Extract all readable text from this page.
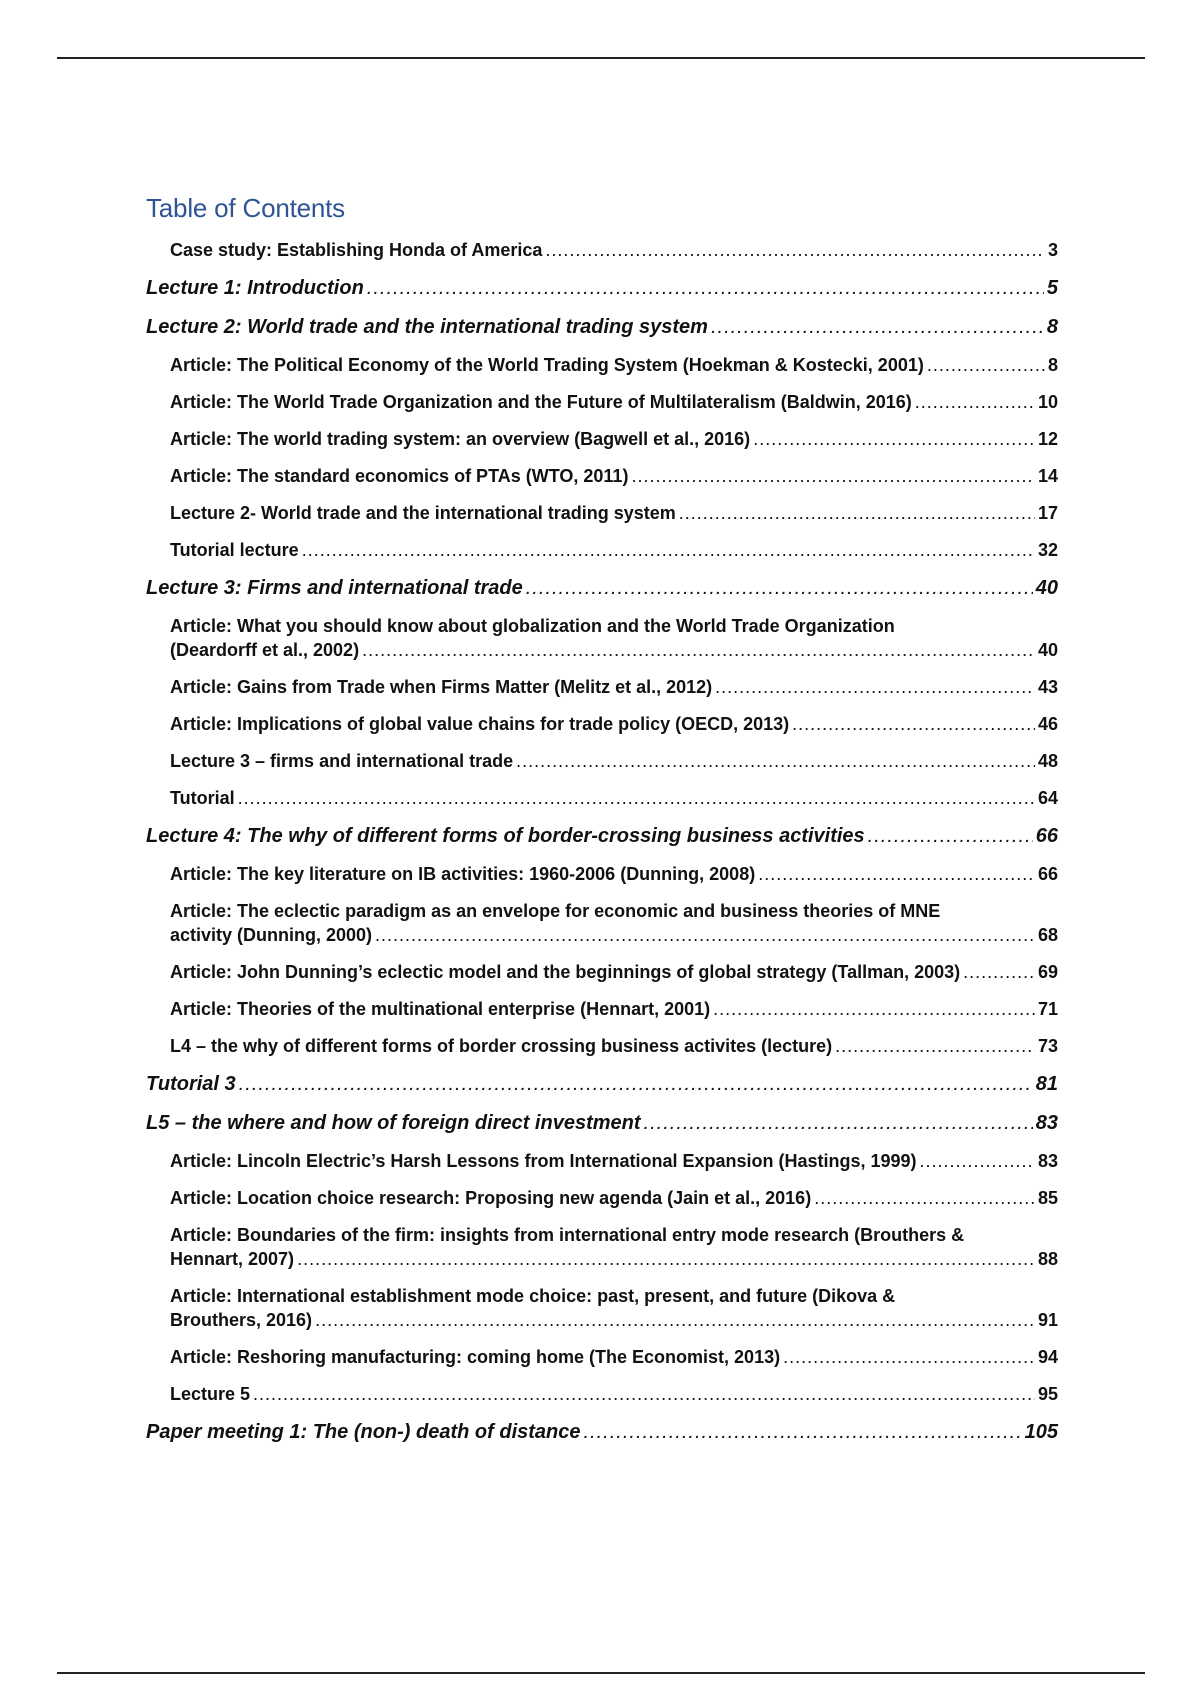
Table of Contents
Case study: Establishing Honda of America .....	3
Lecture 1: Introduction .....	5
Lecture 2: World trade and the international trading system .....	8
Article: The Political Economy of the World Trading System (Hoekman & Kostecki, 2001) .....	8
Article: The World Trade Organization and the Future of Multilateralism (Baldwin, 2016) .....	10
Article: The world trading system: an overview (Bagwell et al., 2016) .....	12
Article: The standard economics of PTAs (WTO, 2011) .....	14
Lecture 2- World trade and the international trading system .....	17
Tutorial lecture .....	32
Lecture 3: Firms and international trade .....	40
Article: What you should know about globalization and the World Trade Organization
(Deardorff et al., 2002) .....	40
Article: Gains from Trade when Firms Matter (Melitz et al., 2012) .....	43
Article: Implications of global value chains for trade policy (OECD, 2013) .....	46
Lecture 3 – firms and international trade .....	48
Tutorial .....	64
Lecture 4: The why of different forms of border-crossing business activities .....	66
Article: The key literature on IB activities: 1960-2006 (Dunning, 2008) .....	66
Article: The eclectic paradigm as an envelope for economic and business theories of MNE
activity (Dunning, 2000) .....	68
Article: John Dunning’s eclectic model and the beginnings of global strategy (Tallman, 2003) .....	69
Article: Theories of the multinational enterprise (Hennart, 2001) .....	71
L4 – the why of different forms of border crossing business activites (lecture) .....	73
Tutorial 3 .....	81
L5 – the where and how of foreign direct investment .....	83
Article: Lincoln Electric’s Harsh Lessons from International Expansion (Hastings, 1999) .....	83
Article: Location choice research: Proposing new agenda (Jain et al., 2016) .....	85
Article: Boundaries of the firm: insights from international entry mode research (Brouthers &
Hennart, 2007) .....	88
Article: International establishment mode choice: past, present, and future (Dikova &
Brouthers, 2016) .....	91
Article: Reshoring manufacturing: coming home (The Economist, 2013) .....	94
Lecture 5 .....	95
Paper meeting 1: The (non-) death of distance .....	105
